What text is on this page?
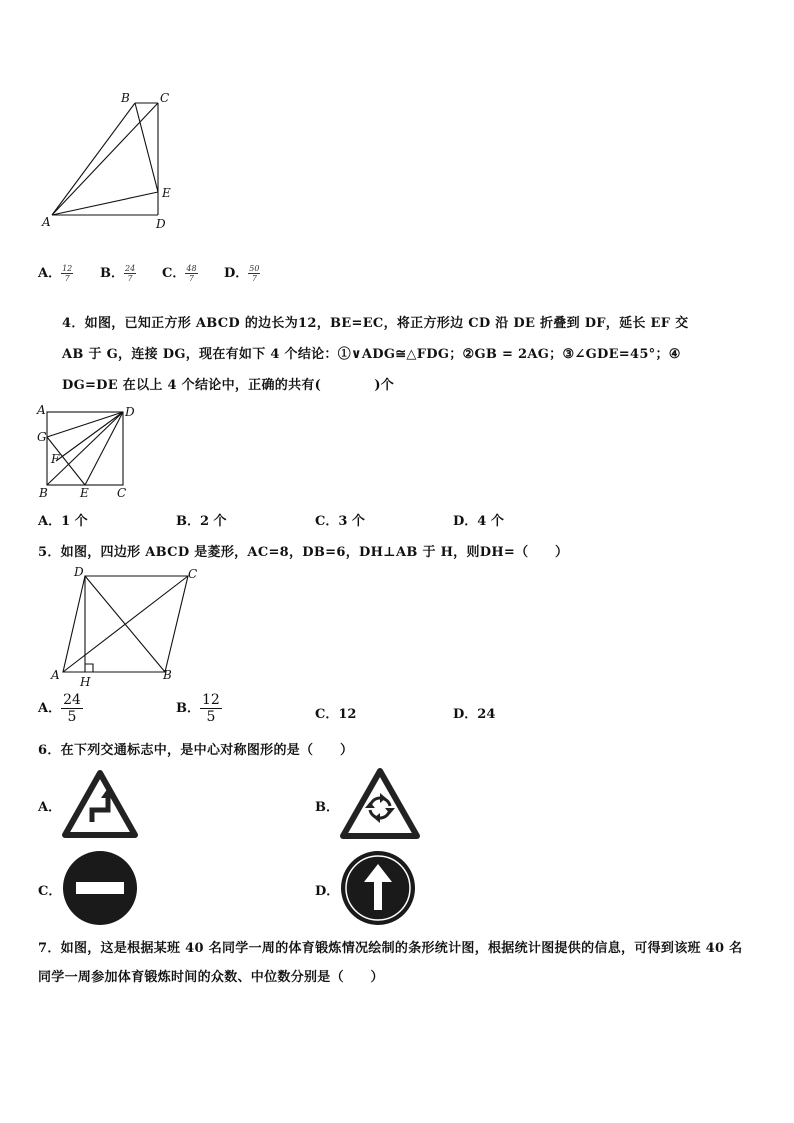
B	C
E
A	D
A． $\frac{12}{7}$ B． $\frac{24}{7}$ C． $\frac{48}{7}$ D． $\frac{50}{7}$
4．如图，已知正方形 ABCD 的边长为12，BE=EC，将正方形边 CD 沿 DE 折叠到 DF，延长 EF 交
AB 于 G，连接 DG，现在有如下 4 个结论：①∨ADG≅△FDG；②GB = 2AG；③∠GDE=45°；④
DG=DE 在以上 4 个结论中，正确的共有(　　　　)个
A	D
G
F
B	E C
A．1 个	B．2 个	C．3 个	D．4 个
5．如图，四边形 ABCD 是菱形，AC=8，DB=6，DH⊥AB 于 H，则DH=（　　）
D	C
A	B
H
A． $\frac{24}{5}$	B． $\frac{12}{5}$	C．12	D．24
6．在下列交通标志中，是中心对称图形的是（　　）
A．	B．
C．	D．
7．如图，这是根据某班 40 名同学一周的体育锻炼情况绘制的条形统计图，根据统计图提供的信息，可得到该班 40 名
同学一周参加体育锻炼时间的众数、中位数分别是（　　）
